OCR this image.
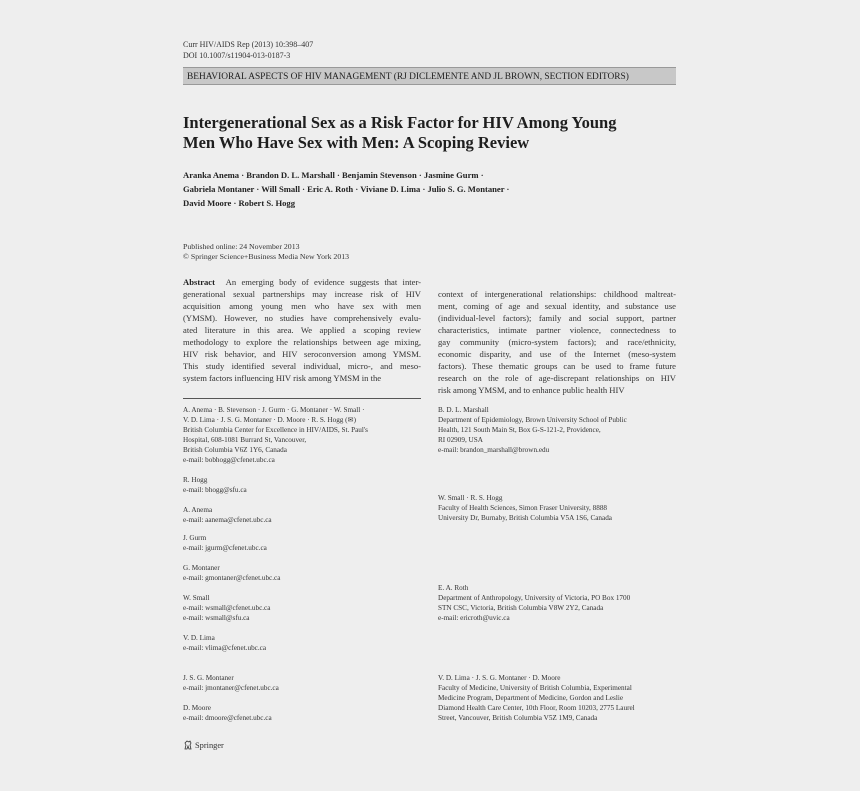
Curr HIV/AIDS Rep (2013) 10:398–407
DOI 10.1007/s11904-013-0187-3
BEHAVIORAL ASPECTS OF HIV MANAGEMENT (RJ DICLEMENTE AND JL BROWN, SECTION EDITORS)
Intergenerational Sex as a Risk Factor for HIV Among Young
Men Who Have Sex with Men: A Scoping Review
Aranka Anema · Brandon D. L. Marshall · Benjamin Stevenson · Jasmine Gurm ·
Gabriela Montaner · Will Small · Eric A. Roth · Viviane D. Lima · Julio S. G. Montaner ·
David Moore · Robert S. Hogg
Published online: 24 November 2013
© Springer Science+Business Media New York 2013
Abstract An emerging body of evidence suggests that inter-
generational sexual partnerships may increase risk of HIV
acquisition among young men who have sex with men
(YMSM). However, no studies have comprehensively evalu-
ated literature in this area. We applied a scoping review
methodology to explore the relationships between age mixing,
HIV risk behavior, and HIV seroconversion among YMSM.
This study identified several individual, micro-, and meso-
system factors influencing HIV risk among YMSM in the
context of intergenerational relationships: childhood maltreat-
ment, coming of age and sexual identity, and substance use
(individual-level factors); family and social support, partner
characteristics, intimate partner violence, connectedness to
gay community (micro-system factors); and race/ethnicity,
economic disparity, and use of the Internet (meso-system
factors). These thematic groups can be used to frame future
research on the role of age-discrepant relationships on HIV
risk among YMSM, and to enhance public health HIV
A. Anema · B. Stevenson · J. Gurm · G. Montaner · W. Small ·
V. D. Lima · J. S. G. Montaner · D. Moore · R. S. Hogg (✉)
British Columbia Center for Excellence in HIV/AIDS, St. Paul's
Hospital, 608-1081 Burrard St, Vancouver,
British Columbia V6Z 1Y6, Canada
e-mail: bobhogg@cfenet.ubc.ca
R. Hogg
e-mail: bhogg@sfu.ca
A. Anema
e-mail: aanema@cfenet.ubc.ca
J. Gurm
e-mail: jgurm@cfenet.ubc.ca
G. Montaner
e-mail: gmontaner@cfenet.ubc.ca
W. Small
e-mail: wsmall@cfenet.ubc.ca
e-mail: wsmall@sfu.ca
V. D. Lima
e-mail: vlima@cfenet.ubc.ca
J. S. G. Montaner
e-mail: jmontaner@cfenet.ubc.ca
D. Moore
e-mail: dmoore@cfenet.ubc.ca
B. D. L. Marshall
Department of Epidemiology, Brown University School of Public
Health, 121 South Main St, Box G-S-121-2, Providence,
RI 02909, USA
e-mail: brandon_marshall@brown.edu
W. Small · R. S. Hogg
Faculty of Health Sciences, Simon Fraser University, 8888
University Dr, Burnaby, British Columbia V5A 1S6, Canada
E. A. Roth
Department of Anthropology, University of Victoria, PO Box 1700
STN CSC, Victoria, British Columbia V8W 2Y2, Canada
e-mail: ericroth@uvic.ca
V. D. Lima · J. S. G. Montaner · D. Moore
Faculty of Medicine, University of British Columbia, Experimental
Medicine Program, Department of Medicine, Gordon and Leslie
Diamond Health Care Center, 10th Floor, Room 10203, 2775 Laurel
Street, Vancouver, British Columbia V5Z 1M9, Canada
Springer
